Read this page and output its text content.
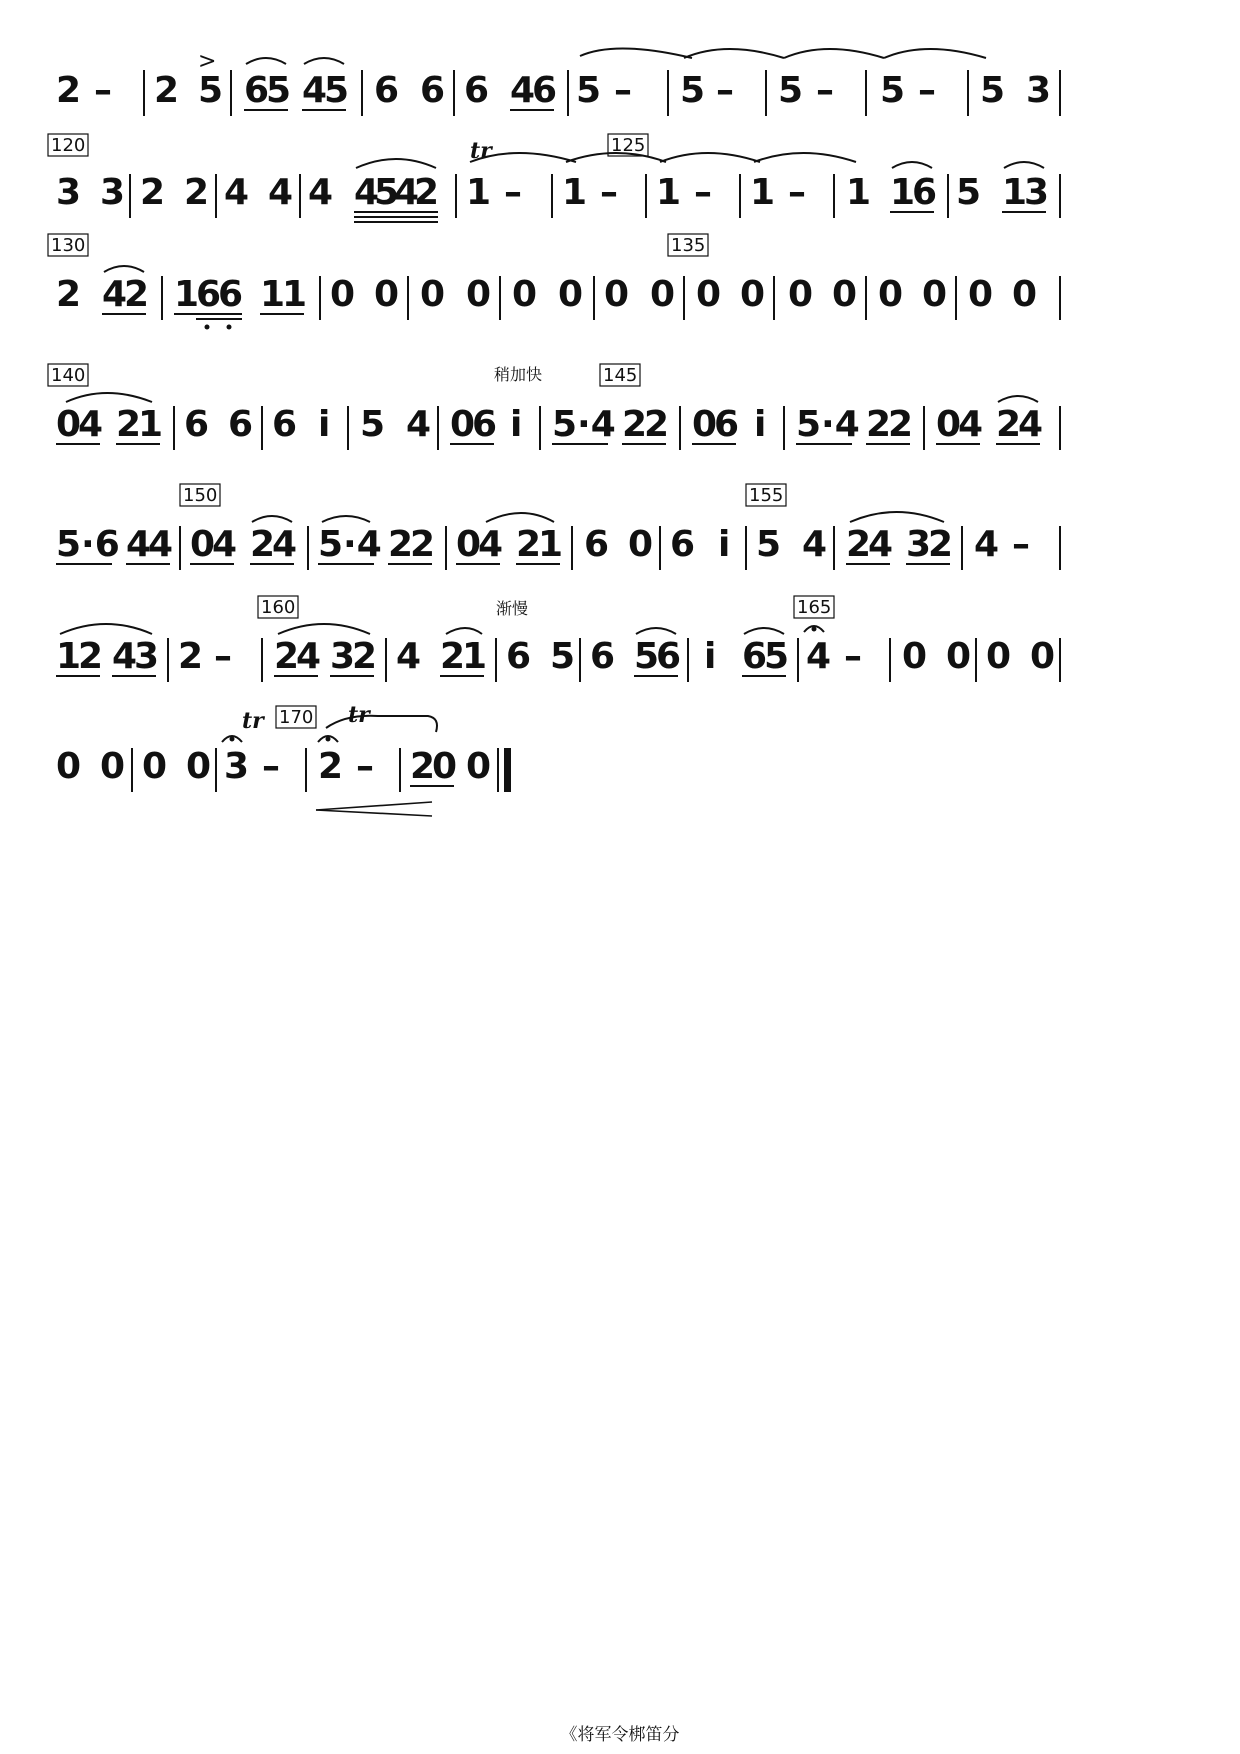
2 – 2 5
>
6
5 4
5 6 6 6 4
6 5 – 5 – 5 – 5 – 5 3
120	125
tr
3 3 2 2 4 4 4 4
5
4
2 1 – 1 – 1 – 1 – 1 1
6 5 1
3
130	135
2 4
2 1
6
6 1
1 0 0 0 0 0 0 0 0 0 0 0 0 0 0 0 0
140	145
稍加快
0
4 2
1 6 6 6 i 5 4 0
6 i 5·4 2
2 0
6 i 5·4 2
2 0
4 2
4
150	155
5·6 4
4 0
4 2
4 5·4 2
2 0
4 2
1 6 0 6 i 5 4 2
4 3
2 4 –
160	165
渐慢
1
2 4
3 2 – 2
4 3
2 4 2
1 6 5 6 5
6 i 6
5 4 – 0 0 0 0
170
tr	tr
0 0 0 0 3 – 2 – 2
0 0
《将军令梆笛分
